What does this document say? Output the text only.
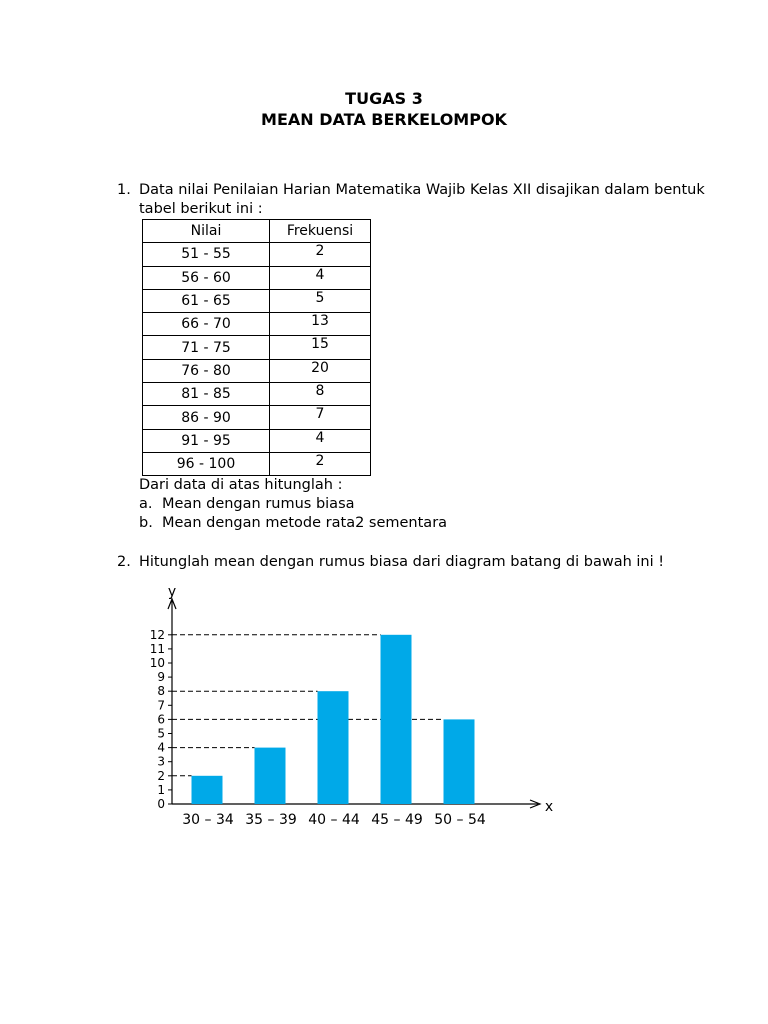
TUGAS 3
MEAN DATA BERKELOMPOK
1. Data nilai Penilaian Harian Matematika Wajib Kelas XII disajikan dalam bentuk
tabel berikut ini :
Nilai	Frekuensi
51 - 55	2
56 - 60	4
61 - 65	5
66 - 70	13
71 - 75	15
76 - 80	20
81 - 85	8
86 - 90	7
91 - 95	4
96 - 100	2
Dari data di atas hitunglah :
a. Mean dengan rumus biasa
b. Mean dengan metode rata2 sementara
2. Hitunglah mean dengan rumus biasa dari diagram batang di bawah ini !
y
x
0
1
2
3
4
5
6
7
8
9
10
11
12
30 – 34 35 – 39 40 – 44 45 – 49 50 – 54
